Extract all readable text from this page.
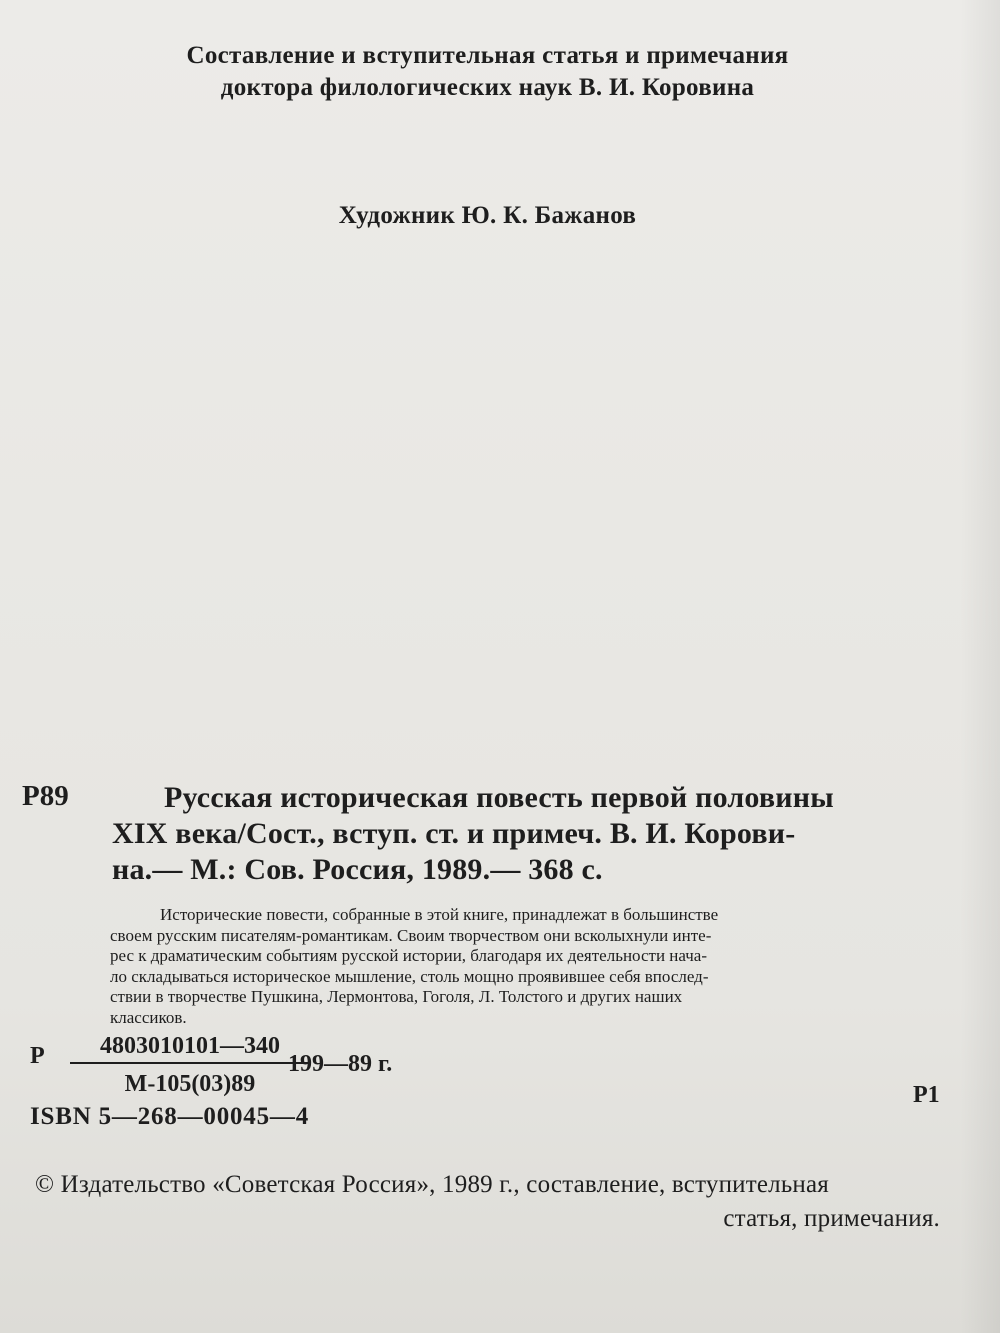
Составление и вступительная статья и примечания
доктора филологических наук В. И. Коровина
Художник Ю. К. Бажанов
Р89	Русская историческая повесть первой половины
XIX века/Сост., вступ. ст. и примеч. В. И. Корови-
на.— М.: Сов. Россия, 1989.— 368 с.
Исторические повести, собранные в этой книге, принадлежат в большинстве
своем русским писателям-романтикам. Своим творчеством они всколыхнули инте-
рес к драматическим событиям русской истории, благодаря их деятельности нача-
ло складываться историческое мышление, столь мощно проявившее себя впослед-
ствии в творчестве Пушкина, Лермонтова, Гоголя, Л. Толстого и других наших
классиков.
Р	4803010101—340
М-105(03)89
199—89 г.
Р1
ISBN 5—268—00045—4
© Издательство «Советская Россия», 1989 г., составление, вступительная
статья, примечания.
